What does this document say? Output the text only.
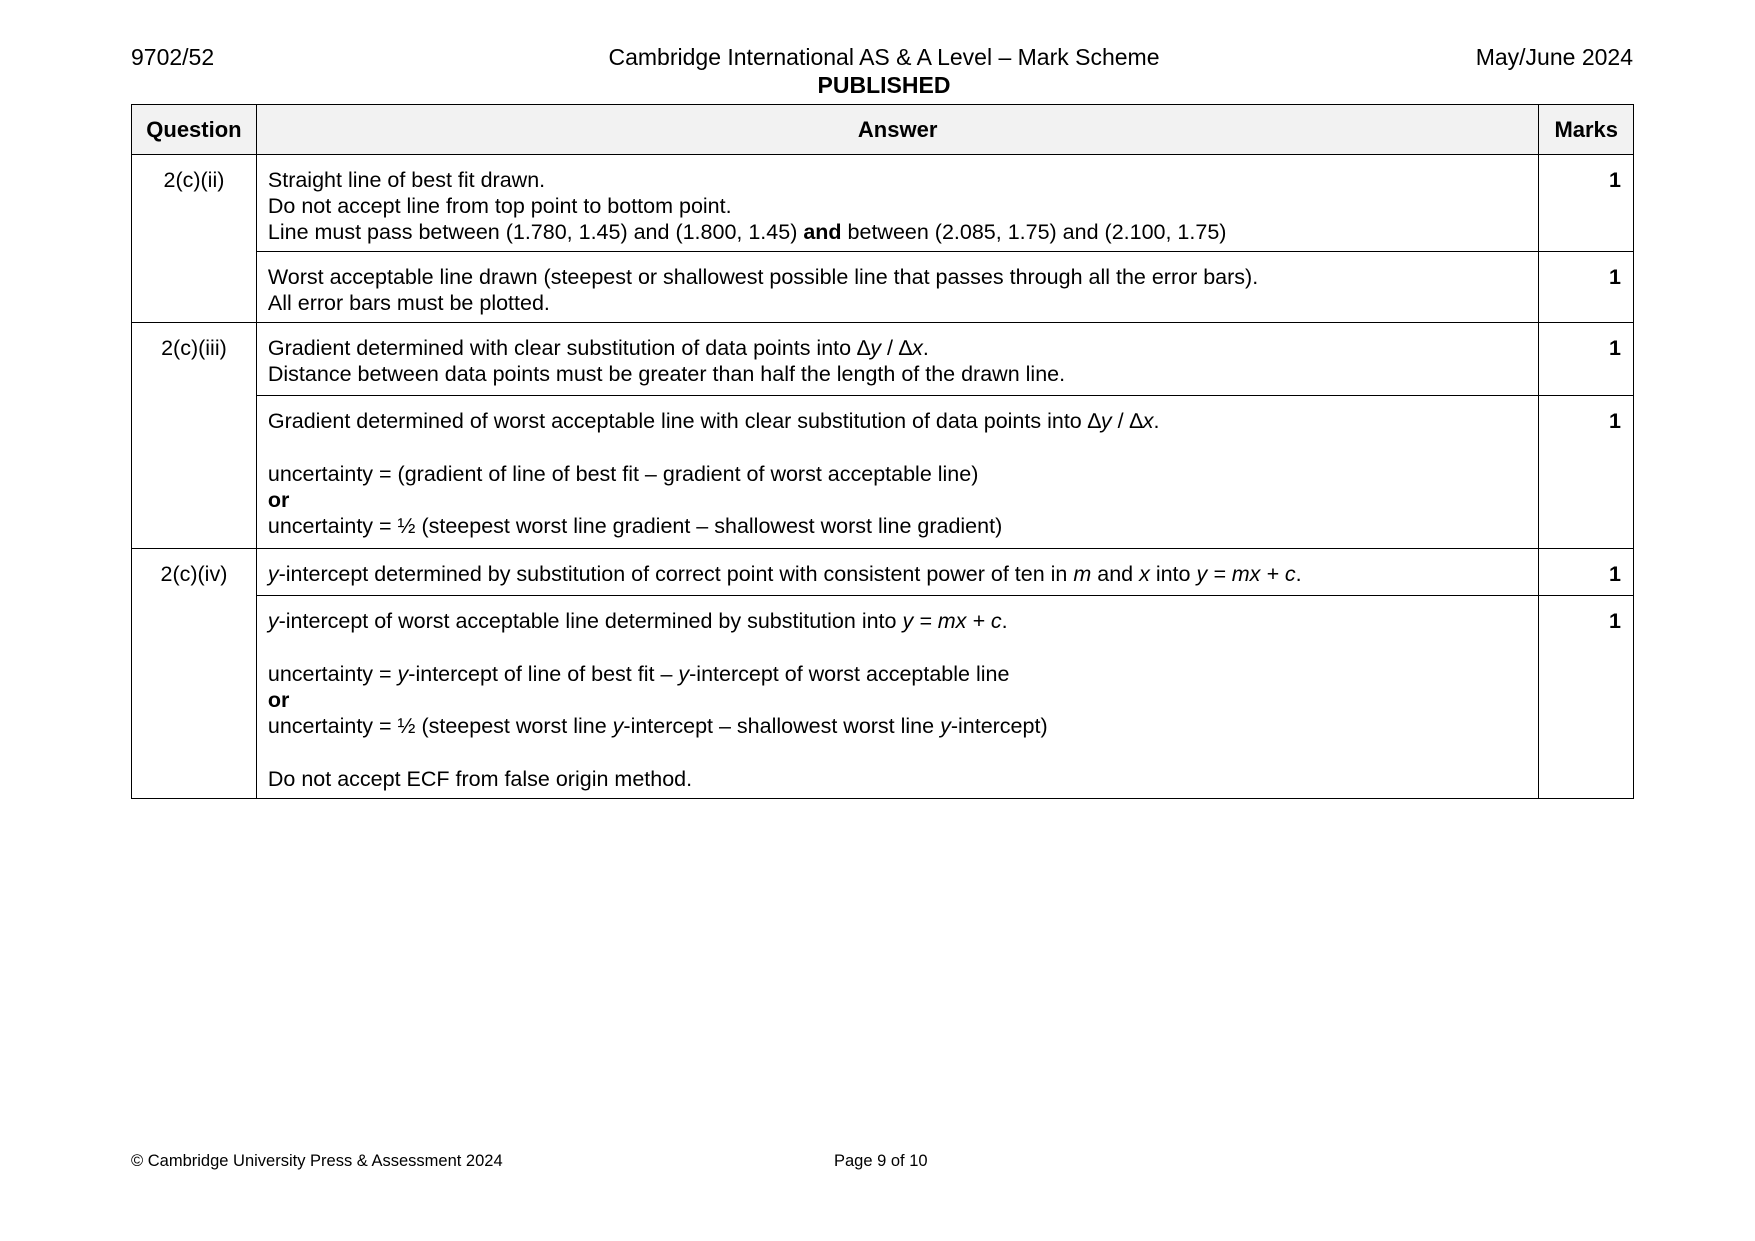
9702/52	Cambridge International AS & A Level – Mark Scheme	May/June 2024
PUBLISHED
Question	Answer	Marks
2(c)(ii)	Straight line of best fit drawn.
Do not accept line from top point to bottom point.
Line must pass between (1.780, 1.45) and (1.800, 1.45) and between (2.085, 1.75) and (2.100, 1.75)	1

	Worst acceptable line drawn (steepest or shallowest possible line that passes through all the error bars).
All error bars must be plotted.	1
2(c)(iii)	Gradient determined with clear substitution of data points into ∆y / ∆x.
Distance between data points must be greater than half the length of the drawn line.	1

	Gradient determined of worst acceptable line with clear substitution of data points into ∆y / ∆x.
uncertainty = (gradient of line of best fit – gradient of worst acceptable line)
or
uncertainty = ½ (steepest worst line gradient – shallowest worst line gradient)	1
2(c)(iv)	y-intercept determined by substitution of correct point with consistent power of ten in m and x into y = mx + c.	1

	y-intercept of worst acceptable line determined by substitution into y = mx + c.
uncertainty = y-intercept of line of best fit – y-intercept of worst acceptable line
or
uncertainty = ½ (steepest worst line y-intercept – shallowest worst line y-intercept)
Do not accept ECF from false origin method.	1
© Cambridge University Press & Assessment 2024	Page 9 of 10
